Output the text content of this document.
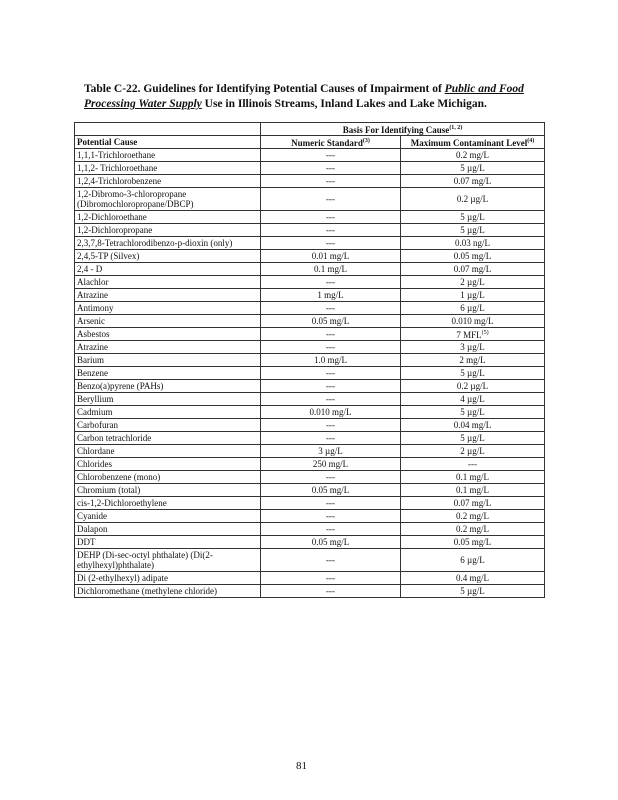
Table C-22. Guidelines for Identifying Potential Causes of Impairment of Public and Food Processing Water Supply Use in Illinois Streams, Inland Lakes and Lake Michigan.
	Basis For Identifying Cause$^{(1, 2)}$
Potential Cause	Numeric Standard$^{(3)}$	Maximum Contaminant Level$^{(4)}$
1,1,1-Trichloroethane	---	0.2 mg/L
1,1,2- Trichloroethane	---	5 µg/L
1,2,4-Trichlorobenzene	---	0.07 mg/L
1,2-Dibromo-3-chloropropane (Dibromochloropropane/DBCP)	---	0.2 µg/L
1,2-Dichloroethane	---	5 µg/L
1,2-Dichloropropane	---	5 µg/L
2,3,7,8-Tetrachlorodibenzo-p-dioxin (only)	---	0.03 ng/L
2,4,5-TP (Silvex)	0.01 mg/L	0.05 mg/L
2,4 - D	0.1 mg/L	0.07 mg/L
Alachlor	---	2 µg/L
Atrazine	1 mg/L	1 µg/L
Antimony	---	6 µg/L
Arsenic	0.05 mg/L	0.010 mg/L
Asbestos	---	7 MFL$^{(5)}$
Atrazine	---	3 µg/L
Barium	1.0 mg/L	2 mg/L
Benzene	---	5 µg/L
Benzo(a)pyrene (PAHs)	---	0.2 µg/L
Beryllium	---	4 µg/L
Cadmium	0.010 mg/L	5 µg/L
Carbofuran	---	0.04 mg/L
Carbon tetrachloride	---	5 µg/L
Chlordane	3 µg/L	2 µg/L
Chlorides	250 mg/L	---
Chlorobenzene (mono)	---	0.1 mg/L
Chromium (total)	0.05 mg/L	0.1 mg/L
cis-1,2-Dichloroethylene	---	0.07 mg/L
Cyanide	---	0.2 mg/L
Dalapon	---	0.2 mg/L
DDT	0.05 mg/L	0.05 mg/L
DEHP (Di-sec-octyl phthalate) (Di(2-ethylhexyl)phthalate)	---	6 µg/L
Di (2-ethylhexyl) adipate	---	0.4 mg/L
Dichloromethane (methylene chloride)	---	5 µg/L
81
